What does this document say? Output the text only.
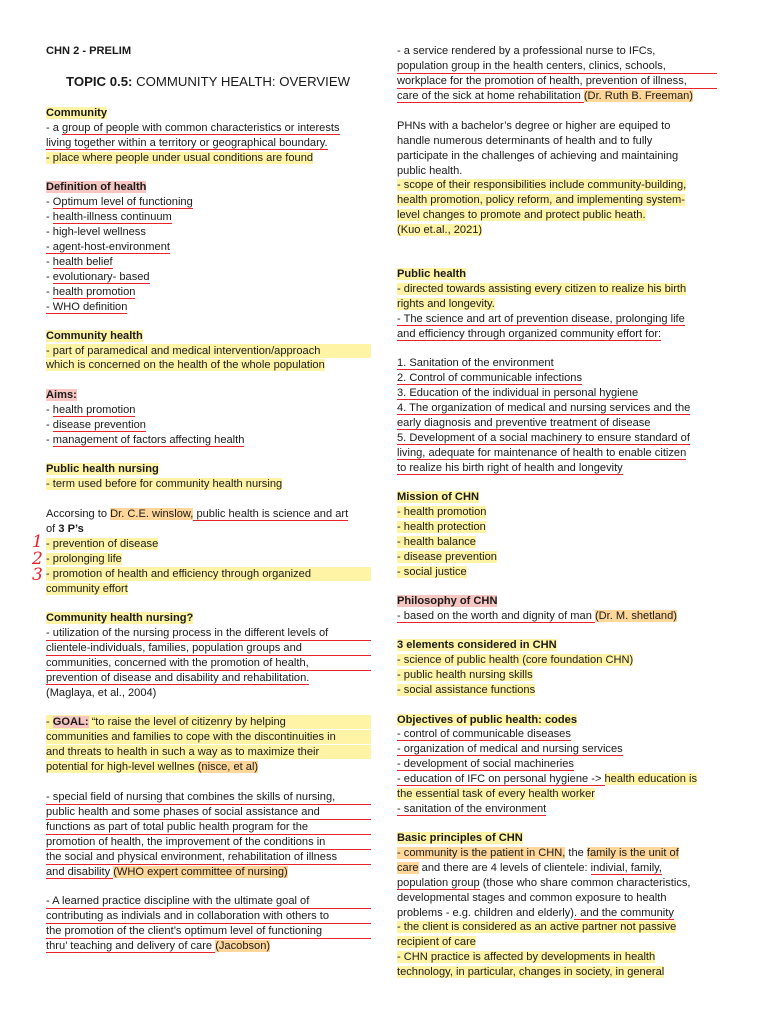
CHN 2 - PRELIM
TOPIC 0.5: COMMUNITY HEALTH: OVERVIEW
Community
- a group of people with common characteristics or interests
living together within a territory or geographical boundary.
- place where people under usual conditions are found
Definition of health
- Optimum level of functioning
- health-illness continuum
- high-level wellness
- agent-host-environment
- health belief
- evolutionary- based
- health promotion
- WHO definition
Community health
- part of paramedical and medical intervention/approach
which is concerned on the health of the whole population
Aims:
- health promotion
- disease prevention
- management of factors affecting health
Public health nursing
- term used before for community health nursing
Accorsing to Dr. C.E. winslow, public health is science and art
of 3 P’s
- prevention of disease
- prolonging life
- promotion of health and efficiency through organized
community effort
Community health nursing?
- utilization of the nursing process in the different levels of
clientele-individuals, families, population groups and
communities, concerned with the promotion of health,
prevention of disease and disability and rehabilitation.
(Maglaya, et al., 2004)
- GOAL: “to raise the level of citizenry by helping
communities and families to cope with the discontinuities in
and threats to health in such a way as to maximize their
potential for high-level wellnes (nisce, et al)
- special field of nursing that combines the skills of nursing,
public health and some phases of social assistance and
functions as part of total public health program for the
promotion of health, the improvement of the conditions in
the social and physical environment, rehabilitation of illness
and disability (WHO expert committee of nursing)
- A learned practice discipline with the ultimate goal of
contributing as indivials and in collaboration with others to
the promotion of the client’s optimum level of functioning
thru’ teaching and delivery of care (Jacobson)
1
2
3
- a service rendered by a professional nurse to IFCs,
population group in the health centers, clinics, schools,
workplace for the promotion of health, prevention of illness,
care of the sick at home rehabilitation (Dr. Ruth B. Freeman)
PHNs with a bachelor’s degree or higher are equiped to
handle numerous determinants of health and to fully
participate in the challenges of achieving and maintaining
public health.
- scope of their responsibilities include community-building,
health promotion, policy reform, and implementing system-
level changes to promote and protect public heath.
(Kuo et.al., 2021)
Public health
- directed towards assisting every citizen to realize his birth
rights and longevity.
- The science and art of prevention disease, prolonging life
and efficiency through organized community effort for:
1. Sanitation of the environment
2. Control of communicable infections
3. Education of the individual in personal hygiene
4. The organization of medical and nursing services and the
early diagnosis and preventive treatment of disease
5. Development of a social machinery to ensure standard of
living, adequate for maintenance of health to enable citizen
to realize his birth right of health and longevity
Mission of CHN
- health promotion
- health protection
- health balance
- disease prevention
- social justice
Philosophy of CHN
- based on the worth and dignity of man (Dr. M. shetland)
3 elements considered in CHN
- science of public health (core foundation CHN)
- public health nursing skills
- social assistance functions
Objectives of public health: codes
- control of communicable diseases
- organization of medical and nursing services
- development of social machineries
- education of IFC on personal hygiene -> health education is
the essential task of every health worker
- sanitation of the environment
Basic principles of CHN
- community is the patient in CHN, the family is the unit of
care and there are 4 levels of clientele: indivial, family,
population group (those who share common characteristics,
developmental stages and common exposure to health
problems - e.g. children and elderly). and the community
- the client is considered as an active partner not passive
recipient of care
- CHN practice is affected by developments in health
technology, in particular, changes in society, in general
